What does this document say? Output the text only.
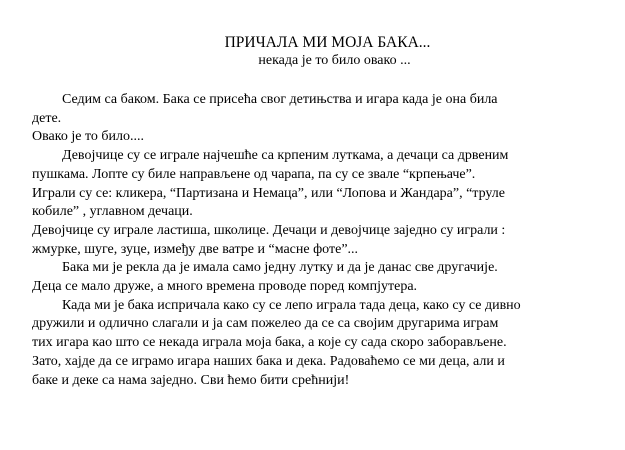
ПРИЧАЛА МИ МОЈА БАКА...

некада је то било овако ...

Седим са баком. Бака се присећа свог детињства и игара када је она била

дете.

Овако је то било....

Девојчице су се играле најчешће са крпеним луткама, а дечаци са дрвеним

пушкама. Лопте су биле направљене од чарапа, па су се звале “крпењаче”.

Играли су се: кликера, “Партизана и Немаца”, или “Лопова и Жандара”, “труле

кобиле” , углавном дечаци.

Девојчице су играле ластиша, школице. Дечаци и девојчице заједно су играли :

жмурке, шуге, зуце, између две ватре и “масне фоте”...

Бака ми је рекла да је имала само једну лутку и да је данас све другачије.

Деца се мало друже, а много времена проводе поред компјутера.

Када ми је бака испричала како су се лепо играла тада деца, како су се дивно

дружили и одлично слагали и ја сам пожелео да се са својим другарима играм

тих игара као што се некада играла моја бака, а које су сада скоро заборављене.

Зато, хајде да се играмо игара наших бака и дека. Радоваћемо се ми деца, али и

баке и деке са нама заједно. Сви ћемо бити срећнији!
